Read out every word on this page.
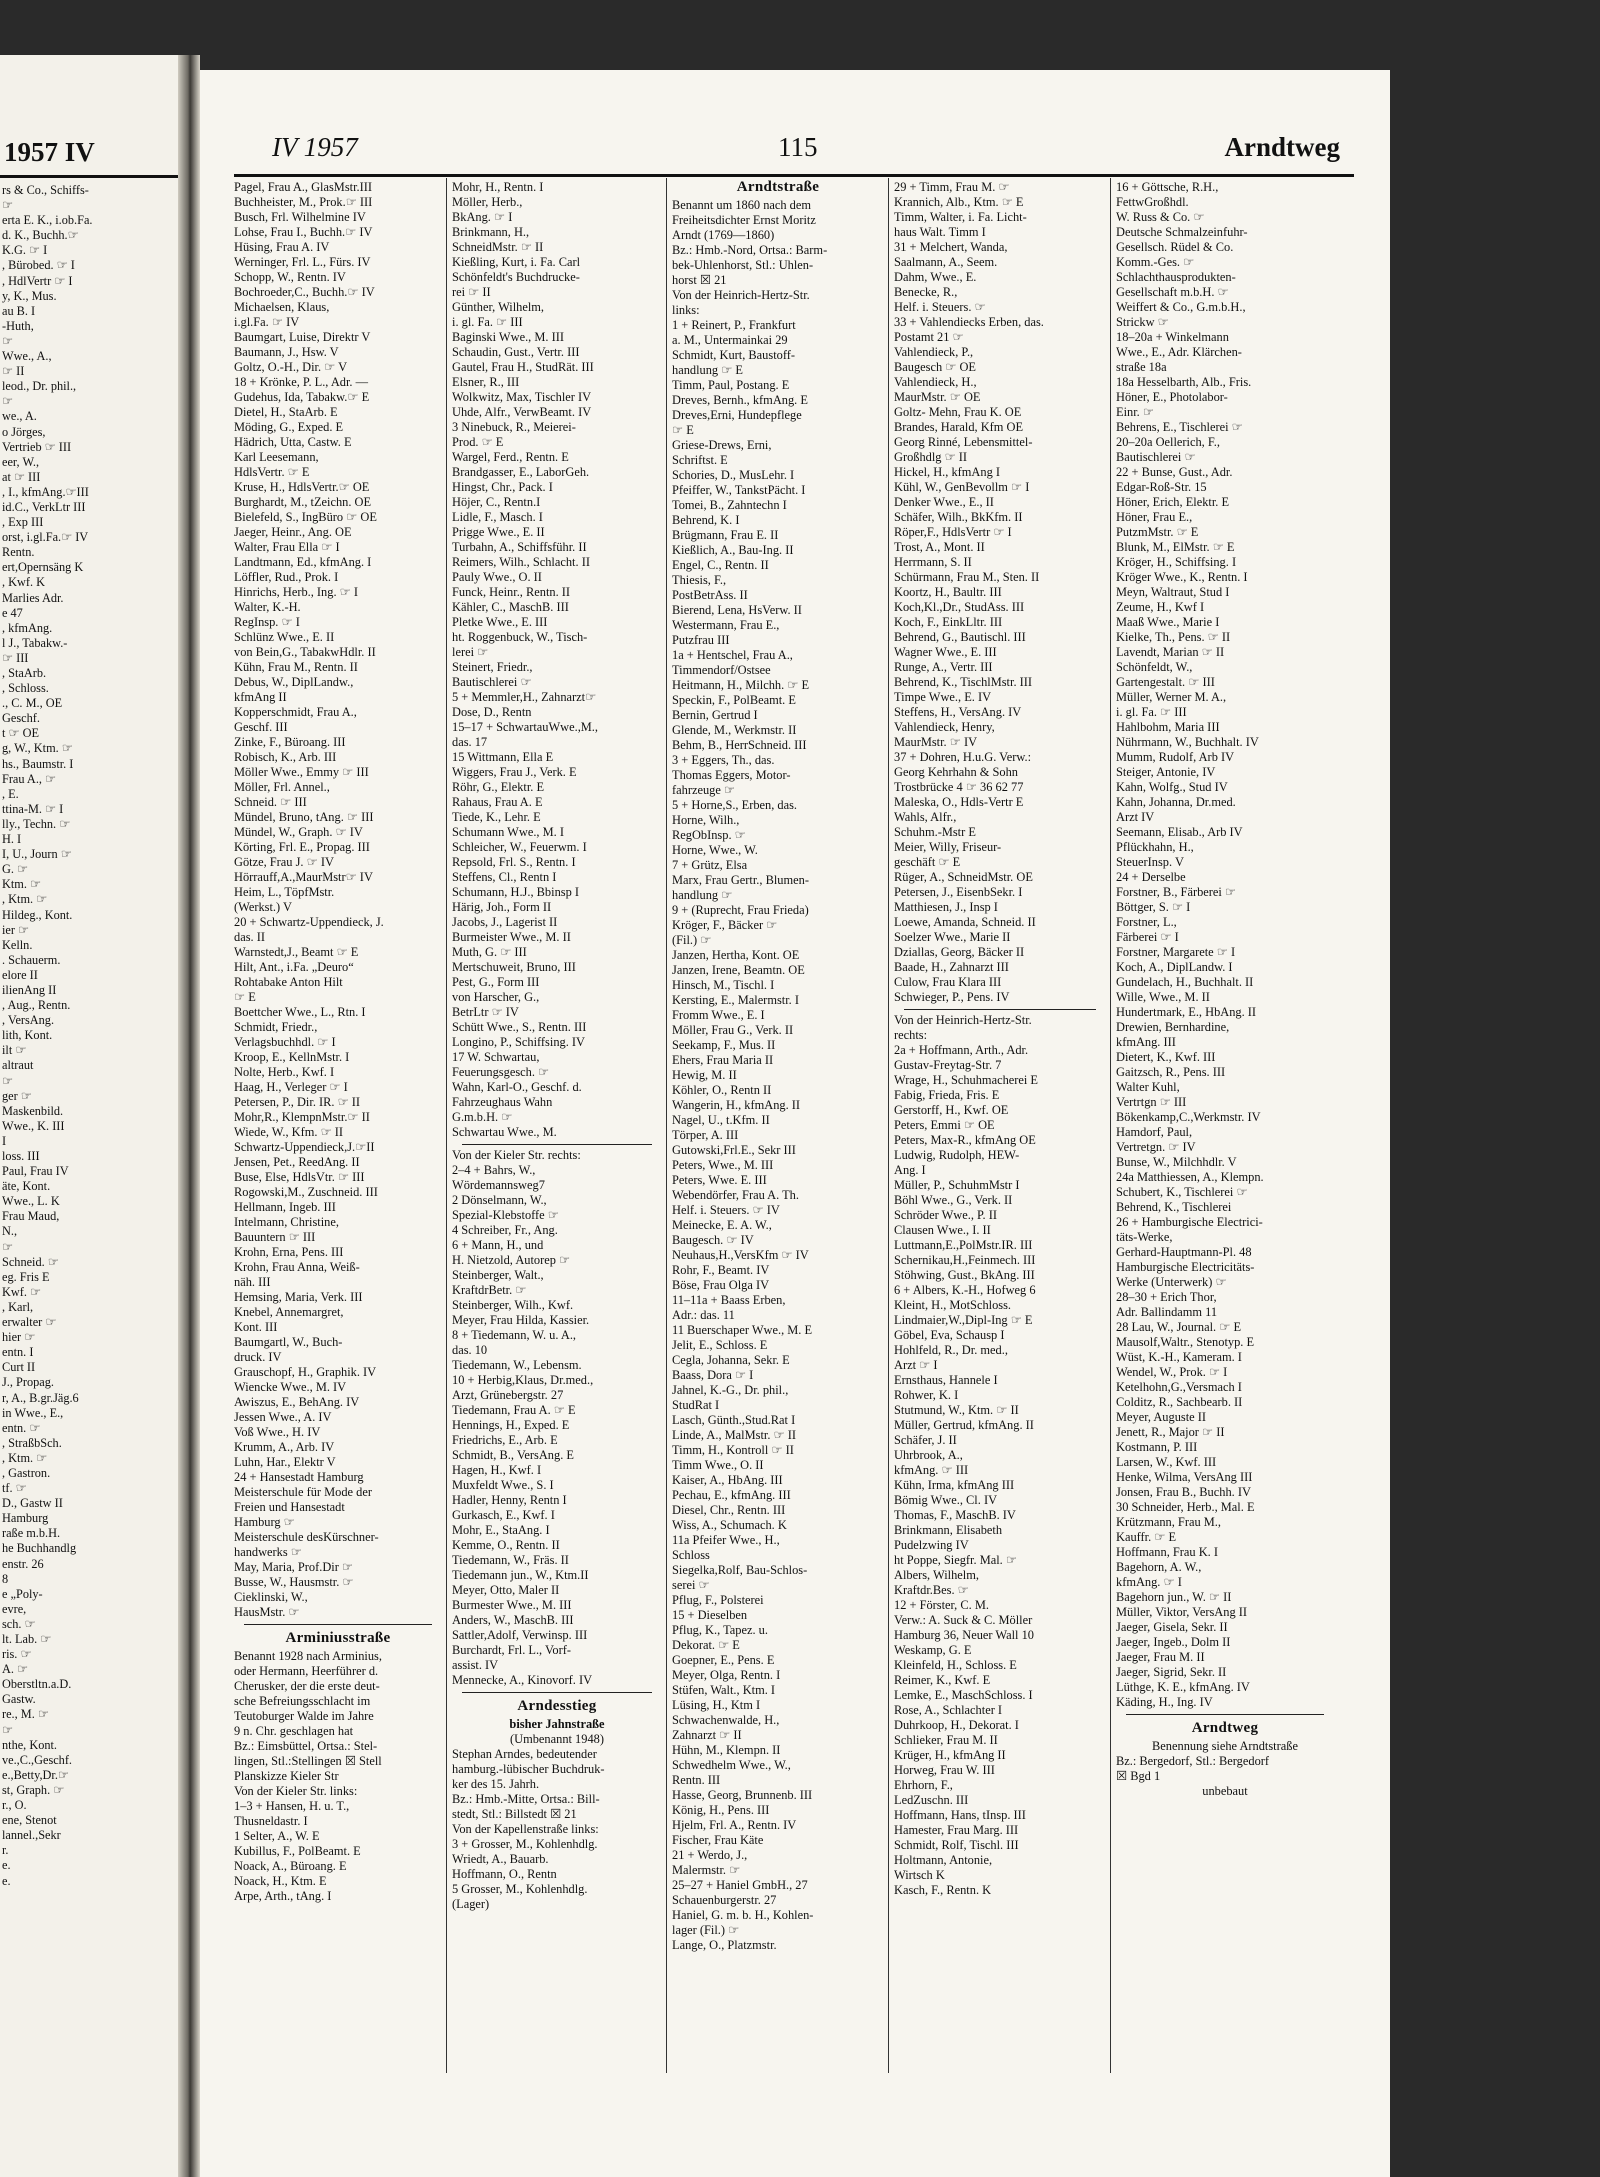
1957 IV
rs & Co., Schiffs-
☞
erta E. K., i.ob.Fa.
d. K., Buchh.☞
K.G. ☞ I
, Bürobed. ☞ I
, HdlVertr ☞ I
y, K., Mus.
au B. I
-Huth,
☞
Wwe., A.,
☞ II
leod., Dr. phil.,
☞
we., A.
o Jörges,
Vertrieb ☞ III
eer, W.,
at ☞ III
, I., kfmAng.☞III
id.C., VerkLtr III
, Exp III
orst, i.gl.Fa.☞ IV
Rentn.
ert,Opernsäng K
, Kwf. K
Marlies Adr.
e 47
, kfmAng.
l J., Tabakw.-
☞ III
, StaArb.
, Schloss.
., C. M., OE
Geschf.
t ☞ OE
g, W., Ktm. ☞
hs., Baumstr. I
Frau A., ☞
, E.
ttina-M. ☞ I
lly., Techn. ☞
H. I
I, U., Journ ☞
G. ☞
Ktm. ☞
, Ktm. ☞
Hildeg., Kont.
ier ☞
Kelln.
. Schauerm.
elore II
ilienAng II
, Aug., Rentn.
, VersAng.
lith, Kont.
ilt ☞
altraut
☞
ger ☞
Maskenbild.
Wwe., K. III
I
loss. III
Paul, Frau IV
äte, Kont.
Wwe., L. K
Frau Maud,
N.,
☞
Schneid. ☞
eg. Fris E
Kwf. ☞
, Karl,
erwalter ☞
hier ☞
entn. I
Curt II
J., Propag.
r, A., B.gr.Jäg.6
in Wwe., E.,
entn. ☞
, StraßbSch.
, Ktm. ☞
, Gastron.
tf. ☞
D., Gastw II
Hamburg
raße m.b.H.
he Buchhandlg
enstr. 26
8
e „Poly-
evre,
sch. ☞
lt. Lab. ☞
ris. ☞
A. ☞
Oberstltn.a.D.
Gastw.
re., M. ☞
☞
nthe, Kont.
ve.,C.,Geschf.
e.,Betty,Dr.☞
st, Graph. ☞
r., O.
ene, Stenot
lannel.,Sekr
r.
e.
e.
IV 1957	115	Arndtweg
Pagel, Frau A., GlasMstr.III
Buchheister, M., Prok.☞ III
Busch, Frl. Wilhelmine IV
Lohse, Frau I., Buchh.☞ IV
Hüsing, Frau A. IV
Werninger, Frl. L., Fürs. IV
Schopp, W., Rentn. IV
Bochroeder,C., Buchh.☞ IV
Michaelsen, Klaus,
i.gl.Fa. ☞ IV
Baumgart, Luise, Direktr V
Baumann, J., Hsw. V
Goltz, O.-H., Dir. ☞ V
18 + Krönke, P. L., Adr. —
Gudehus, Ida, Tabakw.☞ E
Dietel, H., StaArb. E
Möding, G., Exped. E
Hädrich, Utta, Castw. E
Karl Leesemann,
HdlsVertr. ☞ E
Kruse, H., HdlsVertr.☞ OE
Burghardt, M., tZeichn. OE
Bielefeld, S., IngBüro ☞ OE
Jaeger, Heinr., Ang. OE
Walter, Frau Ella ☞ I
Landtmann, Ed., kfmAng. I
Löffler, Rud., Prok. I
Hinrichs, Herb., Ing. ☞ I
Walter, K.-H.
RegInsp. ☞ I
Schlünz Wwe., E. II
von Bein,G., TabakwHdlr. II
Kühn, Frau M., Rentn. II
Debus, W., DiplLandw.,
kfmAng II
Kopperschmidt, Frau A.,
Geschf. III
Zinke, F., Büroang. III
Robisch, K., Arb. III
Möller Wwe., Emmy ☞ III
Möller, Frl. Annel.,
Schneid. ☞ III
Mündel, Bruno, tAng. ☞ III
Mündel, W., Graph. ☞ IV
Körting, Frl. E., Propag. III
Götze, Frau J. ☞ IV
Hörrauff,A.,MaurMstr☞ IV
Heim, L., TöpfMstr.
(Werkst.) V
20 + Schwartz-Uppendieck, J.
das. II
Warnstedt,J., Beamt ☞ E
Hilt, Ant., i.Fa. „Deuro“
Rohtabake Anton Hilt
☞ E
Boettcher Wwe., L., Rtn. I
Schmidt, Friedr.,
Verlagsbuchhdl. ☞ I
Kroop, E., KellnMstr. I
Nolte, Herb., Kwf. I
Haag, H., Verleger ☞ I
Petersen, P., Dir. IR. ☞ II
Mohr,R., KlempnMstr.☞ II
Wiede, W., Kfm. ☞ II
Schwartz-Uppendieck,J.☞II
Jensen, Pet., ReedAng. II
Buse, Else, HdlsVtr. ☞ III
Rogowski,M., Zuschneid. III
Hellmann, Ingeb. III
Intelmann, Christine,
Bauuntern ☞ III
Krohn, Erna, Pens. III
Krohn, Frau Anna, Weiß-
näh. III
Hemsing, Maria, Verk. III
Knebel, Annemargret,
Kont. III
Baumgartl, W., Buch-
druck. IV
Grauschopf, H., Graphik. IV
Wiencke Wwe., M. IV
Awiszus, E., BehAng. IV
Jessen Wwe., A. IV
Voß Wwe., H. IV
Krumm, A., Arb. IV
Luhn, Har., Elektr V
24 + Hansestadt Hamburg
Meisterschule für Mode der
Freien und Hansestadt
Hamburg ☞
Meisterschule desKürschner-
handwerks ☞
May, Maria, Prof.Dir ☞
Busse, W., Hausmstr. ☞
Cieklinski, W.,
HausMstr. ☞
Arminiusstraße
Benannt 1928 nach Arminius,
oder Hermann, Heerführer d.
Cherusker, der die erste deut-
sche Befreiungsschlacht im
Teutoburger Walde im Jahre
9 n. Chr. geschlagen hat
Bz.: Eimsbüttel, Ortsa.: Stel-
lingen, Stl.:Stellingen ☒ Stell
Planskizze Kieler Str
Von der Kieler Str. links:
1–3 + Hansen, H. u. T.,
Thusneldastr. I
1 Selter, A., W. E
Kubillus, F., PolBeamt. E
Noack, A., Büroang. E
Noack, H., Ktm. E
Arpe, Arth., tAng. I
Mohr, H., Rentn. I
Möller, Herb.,
BkAng. ☞ I
Brinkmann, H.,
SchneidMstr. ☞ II
Kießling, Kurt, i. Fa. Carl
Schönfeldt's Buchdrucke-
rei ☞ II
Günther, Wilhelm,
i. gl. Fa. ☞ III
Baginski Wwe., M. III
Schaudin, Gust., Vertr. III
Gautel, Frau H., StudRät. III
Elsner, R., III
Wolkwitz, Max, Tischler IV
Uhde, Alfr., VerwBeamt. IV
3 Ninebuck, R., Meierei-
Prod. ☞ E
Wargel, Ferd., Rentn. E
Brandgasser, E., LaborGeh.
Hingst, Chr., Pack. I
Höjer, C., Rentn.I
Lidle, F., Masch. I
Prigge Wwe., E. II
Turbahn, A., Schiffsführ. II
Reimers, Wilh., Schlacht. II
Pauly Wwe., O. II
Funck, Heinr., Rentn. II
Kähler, C., MaschB. III
Pletke Wwe., E. III
ht. Roggenbuck, W., Tisch-
lerei ☞
Steinert, Friedr.,
Bautischlerei ☞
5 + Memmler,H., Zahnarzt☞
Dose, D., Rentn
15–17 + SchwartauWwe.,M.,
das. 17
15 Wittmann, Ella E
Wiggers, Frau J., Verk. E
Röhr, G., Elektr. E
Rahaus, Frau A. E
Tiede, K., Lehr. E
Schumann Wwe., M. I
Schleicher, W., Feuerwm. I
Repsold, Frl. S., Rentn. I
Steffens, Cl., Rentn I
Schumann, H.J., Bbinsp I
Härig, Joh., Form II
Jacobs, J., Lagerist II
Burmeister Wwe., M. II
Muth, G. ☞ III
Mertschuweit, Bruno, III
Pest, G., Form III
von Harscher, G.,
BetrLtr ☞ IV
Schütt Wwe., S., Rentn. III
Longino, P., Schiffsing. IV
17 W. Schwartau,
Feuerungsgesch. ☞
Wahn, Karl-O., Geschf. d.
Fahrzeughaus Wahn
G.m.b.H. ☞
Schwartau Wwe., M.
Von der Kieler Str. rechts:
2–4 + Bahrs, W.,
Wördemannsweg7
2 Dönselmann, W.,
Spezial-Klebstoffe ☞
4 Schreiber, Fr., Ang.
6 + Mann, H., und
H. Nietzold, Autorep ☞
Steinberger, Walt.,
KraftdrBetr. ☞
Steinberger, Wilh., Kwf.
Meyer, Frau Hilda, Kassier.
8 + Tiedemann, W. u. A.,
das. 10
Tiedemann, W., Lebensm.
10 + Herbig,Klaus, Dr.med.,
Arzt, Grünebergstr. 27
Tiedemann, Frau A. ☞ E
Hennings, H., Exped. E
Friedrichs, E., Arb. E
Schmidt, B., VersAng. E
Hagen, H., Kwf. I
Muxfeldt Wwe., S. I
Hadler, Henny, Rentn I
Gurkasch, E., Kwf. I
Mohr, E., StaAng. I
Kemme, O., Rentn. II
Tiedemann, W., Fräs. II
Tiedemann jun., W., Ktm.II
Meyer, Otto, Maler II
Burmester Wwe., M. III
Anders, W., MaschB. III
Sattler,Adolf, Verwinsp. III
Burchardt, Frl. L., Vorf-
assist. IV
Mennecke, A., Kinovorf. IV
Arndesstieg
bisher Jahnstraße
(Umbenannt 1948)
Stephan Arndes, bedeutender
hamburg.-lübischer Buchdruk-
ker des 15. Jahrh.
Bz.: Hmb.-Mitte, Ortsa.: Bill-
stedt, Stl.: Billstedt ☒ 21
Von der Kapellenstraße links:
3 + Grosser, M., Kohlenhdlg.
Wriedt, A., Bauarb.
Hoffmann, O., Rentn
5 Grosser, M., Kohlenhdlg.
(Lager)
Arndtstraße
Benannt um 1860 nach dem
Freiheitsdichter Ernst Moritz
Arndt (1769—1860)
Bz.: Hmb.-Nord, Ortsa.: Barm-
bek-Uhlenhorst, Stl.: Uhlen-
horst ☒ 21
Von der Heinrich-Hertz-Str.
links:
1 + Reinert, P., Frankfurt
a. M., Untermainkai 29
Schmidt, Kurt, Baustoff-
handlung ☞ E
Timm, Paul, Postang. E
Dreves, Bernh., kfmAng. E
Dreves,Erni, Hundepflege
☞ E
Griese-Drews, Erni,
Schriftst. E
Schories, D., MusLehr. I
Pfeiffer, W., TankstPächt. I
Tomei, B., Zahntechn I
Behrend, K. I
Brügmann, Frau E. II
Kießlich, A., Bau-Ing. II
Engel, C., Rentn. II
Thiesis, F.,
PostBetrAss. II
Bierend, Lena, HsVerw. II
Westermann, Frau E.,
Putzfrau III
1a + Hentschel, Frau A.,
Timmendorf/Ostsee
Heitmann, H., Milchh. ☞ E
Speckin, F., PolBeamt. E
Bernin, Gertrud I
Glende, M., Werkmstr. II
Behm, B., HerrSchneid. III
3 + Eggers, Th., das.
Thomas Eggers, Motor-
fahrzeuge ☞
5 + Horne,S., Erben, das.
Horne, Wilh.,
RegObInsp. ☞
Horne, Wwe., W.
7 + Grütz, Elsa
Marx, Frau Gertr., Blumen-
handlung ☞
9 + (Ruprecht, Frau Frieda)
Kröger, F., Bäcker ☞
(Fil.) ☞
Janzen, Hertha, Kont. OE
Janzen, Irene, Beamtn. OE
Hinsch, M., Tischl. I
Kersting, E., Malermstr. I
Fromm Wwe., E. I
Möller, Frau G., Verk. II
Seekamp, F., Mus. II
Ehers, Frau Maria II
Hewig, M. II
Köhler, O., Rentn II
Wangerin, H., kfmAng. II
Nagel, U., t.Kfm. II
Törper, A. III
Gutowski,Frl.E., Sekr III
Peters, Wwe., M. III
Peters, Wwe. E. III
Webendörfer, Frau A. Th.
Helf. i. Steuers. ☞ IV
Meinecke, E. A. W.,
Baugesch. ☞ IV
Neuhaus,H.,VersKfm ☞ IV
Rohr, F., Beamt. IV
Böse, Frau Olga IV
11–11a + Baass Erben,
Adr.: das. 11
11 Buerschaper Wwe., M. E
Jelit, E., Schloss. E
Cegla, Johanna, Sekr. E
Baass, Dora ☞ I
Jahnel, K.-G., Dr. phil.,
StudRat I
Lasch, Günth.,Stud.Rat I
Linde, A., MalMstr. ☞ II
Timm, H., Kontroll ☞ II
Timm Wwe., O. II
Kaiser, A., HbAng. III
Pechau, E., kfmAng. III
Diesel, Chr., Rentn. III
Wiss, A., Schumach. K
11a Pfeifer Wwe., H.,
Schloss
Siegelka,Rolf, Bau-Schlos-
serei ☞
Pflug, F., Polsterei
15 + Dieselben
Pflug, K., Tapez. u.
Dekorat. ☞ E
Goepner, E., Pens. E
Meyer, Olga, Rentn. I
Stüfen, Walt., Ktm. I
Lüsing, H., Ktm I
Schwachenwalde, H.,
Zahnarzt ☞ II
Hühn, M., Klempn. II
Schwedhelm Wwe., W.,
Rentn. III
Hasse, Georg, Brunnenb. III
König, H., Pens. III
Hjelm, Frl. A., Rentn. IV
Fischer, Frau Käte
21 + Werdo, J.,
Malermstr. ☞
25–27 + Haniel GmbH., 27
Schauenburgerstr. 27
Haniel, G. m. b. H., Kohlen-
lager (Fil.) ☞
Lange, O., Platzmstr.
29 + Timm, Frau M. ☞
Krannich, Alb., Ktm. ☞ E
Timm, Walter, i. Fa. Licht-
haus Walt. Timm I
31 + Melchert, Wanda,
Saalmann, A., Seem.
Dahm, Wwe., E.
Benecke, R.,
Helf. i. Steuers. ☞
33 + Vahlendiecks Erben, das.
Postamt 21 ☞
Vahlendieck, P.,
Baugesch ☞ OE
Vahlendieck, H.,
MaurMstr. ☞ OE
Goltz- Mehn, Frau K. OE
Brandes, Harald, Kfm OE
Georg Rinné, Lebensmittel-
Großhdlg ☞ II
Hickel, H., kfmAng I
Kühl, W., GenBevollm ☞ I
Denker Wwe., E., II
Schäfer, Wilh., BkKfm. II
Röper,F., HdlsVertr ☞ I
Trost, A., Mont. II
Herrmann, S. II
Schürmann, Frau M., Sten. II
Koortz, H., Baultr. III
Koch,Kl.,Dr., StudAss. III
Koch, F., EinkLltr. III
Behrend, G., Bautischl. III
Wagner Wwe., E. III
Runge, A., Vertr. III
Behrend, K., TischlMstr. III
Timpe Wwe., E. IV
Steffens, H., VersAng. IV
Vahlendieck, Henry,
MaurMstr. ☞ IV
37 + Dohren, H.u.G. Verw.:
Georg Kehrhahn & Sohn
Trostbrücke 4 ☞ 36 62 77
Maleska, O., Hdls-Vertr E
Wahls, Alfr.,
Schuhm.-Mstr E
Meier, Willy, Friseur-
geschäft ☞ E
Rüger, A., SchneidMstr. OE
Petersen, J., EisenbSekr. I
Matthiesen, J., Insp I
Loewe, Amanda, Schneid. II
Soelzer Wwe., Marie II
Dziallas, Georg, Bäcker II
Baade, H., Zahnarzt III
Culow, Frau Klara III
Schwieger, P., Pens. IV
Von der Heinrich-Hertz-Str.
rechts:
2a + Hoffmann, Arth., Adr.
Gustav-Freytag-Str. 7
Wrage, H., Schuhmacherei E
Fabig, Frieda, Fris. E
Gerstorff, H., Kwf. OE
Peters, Emmi ☞ OE
Peters, Max-R., kfmAng OE
Ludwig, Rudolph, HEW-
Ang. I
Müller, P., SchuhmMstr I
Böhl Wwe., G., Verk. II
Schröder Wwe., P. II
Clausen Wwe., I. II
Luttmann,E.,PolMstr.IR. III
Schernikau,H.,Feinmech. III
Stöhwing, Gust., BkAng. III
6 + Albers, K.-H., Hofweg 6
Kleint, H., MotSchloss.
Lindmaier,W.,Dipl-Ing ☞ E
Göbel, Eva, Schausp I
Hohlfeld, R., Dr. med.,
Arzt ☞ I
Ernsthaus, Hannele I
Rohwer, K. I
Stutmund, W., Ktm. ☞ II
Müller, Gertrud, kfmAng. II
Schäfer, J. II
Uhrbrook, A.,
kfmAng. ☞ III
Kühn, Irma, kfmAng III
Bömig Wwe., Cl. IV
Thomas, F., MaschB. IV
Brinkmann, Elisabeth
Pudelzwing IV
ht Poppe, Siegfr. Mal. ☞
Albers, Wilhelm,
Kraftdr.Bes. ☞
12 + Förster, C. M.
Verw.: A. Suck & C. Möller
Hamburg 36, Neuer Wall 10
Weskamp, G. E
Kleinfeld, H., Schloss. E
Reimer, K., Kwf. E
Lemke, E., MaschSchloss. I
Rose, A., Schlachter I
Duhrkoop, H., Dekorat. I
Schlieker, Frau M. II
Krüger, H., kfmAng II
Horweg, Frau W. III
Ehrhorn, F.,
LedZuschn. III
Hoffmann, Hans, tInsp. III
Hamester, Frau Marg. III
Schmidt, Rolf, Tischl. III
Holtmann, Antonie,
Wirtsch K
Kasch, F., Rentn. K
16 + Göttsche, R.H.,
FettwGroßhdl.
W. Russ & Co. ☞
Deutsche Schmalzeinfuhr-
Gesellsch. Rüdel & Co.
Komm.-Ges. ☞
Schlachthausprodukten-
Gesellschaft m.b.H. ☞
Weiffert & Co., G.m.b.H.,
Strickw ☞
18–20a + Winkelmann
Wwe., E., Adr. Klärchen-
straße 18a
18a Hesselbarth, Alb., Fris.
Höner, E., Photolabor-
Einr. ☞
Behrens, E., Tischlerei ☞
20–20a Oellerich, F.,
Bautischlerei ☞
22 + Bunse, Gust., Adr.
Edgar-Roß-Str. 15
Höner, Erich, Elektr. E
Höner, Frau E.,
PutzmMstr. ☞ E
Blunk, M., ElMstr. ☞ E
Kröger, H., Schiffsing. I
Kröger Wwe., K., Rentn. I
Meyn, Waltraut, Stud I
Zeume, H., Kwf I
Maaß Wwe., Marie I
Kielke, Th., Pens. ☞ II
Lavendt, Marian ☞ II
Schönfeldt, W.,
Gartengestalt. ☞ III
Müller, Werner M. A.,
i. gl. Fa. ☞ III
Hahlbohm, Maria III
Nührmann, W., Buchhalt. IV
Mumm, Rudolf, Arb IV
Steiger, Antonie, IV
Kahn, Wolfg., Stud IV
Kahn, Johanna, Dr.med.
Arzt IV
Seemann, Elisab., Arb IV
Pflückhahn, H.,
SteuerInsp. V
24 + Derselbe
Forstner, B., Färberei ☞
Böttger, S. ☞ I
Forstner, L.,
Färberei ☞ I
Forstner, Margarete ☞ I
Koch, A., DiplLandw. I
Gundelach, H., Buchhalt. II
Wille, Wwe., M. II
Hundertmark, E., HbAng. II
Drewien, Bernhardine,
kfmAng. III
Dietert, K., Kwf. III
Gaitzsch, R., Pens. III
Walter Kuhl,
Vertrtgn ☞ III
Bökenkamp,C.,Werkmstr. IV
Hamdorf, Paul,
Vertretgn. ☞ IV
Bunse, W., Milchhdlr. V
24a Matthiessen, A., Klempn.
Schubert, K., Tischlerei ☞
Behrend, K., Tischlerei
26 + Hamburgische Electrici-
täts-Werke,
Gerhard-Hauptmann-Pl. 48
Hamburgische Electricitäts-
Werke (Unterwerk) ☞
28–30 + Erich Thor,
Adr. Ballindamm 11
28 Lau, W., Journal. ☞ E
Mausolf,Waltr., Stenotyp. E
Wüst, K.-H., Kameram. I
Wendel, W., Prok. ☞ I
Ketelhohn,G.,Versmach I
Colditz, R., Sachbearb. II
Meyer, Auguste II
Jenett, R., Major ☞ II
Kostmann, P. III
Larsen, W., Kwf. III
Henke, Wilma, VersAng III
Jonsen, Frau B., Buchh. IV
30 Schneider, Herb., Mal. E
Krützmann, Frau M.,
Kauffr. ☞ E
Hoffmann, Frau K. I
Bagehorn, A. W.,
kfmAng. ☞ I
Bagehorn jun., W. ☞ II
Müller, Viktor, VersAng II
Jaeger, Gisela, Sekr. II
Jaeger, Ingeb., Dolm II
Jaeger, Frau M. II
Jaeger, Sigrid, Sekr. II
Lüthge, K. E., kfmAng. IV
Käding, H., Ing. IV
Arndtweg
Benennung siehe Arndtstraße
Bz.: Bergedorf, Stl.: Bergedorf
☒ Bgd 1
unbebaut
